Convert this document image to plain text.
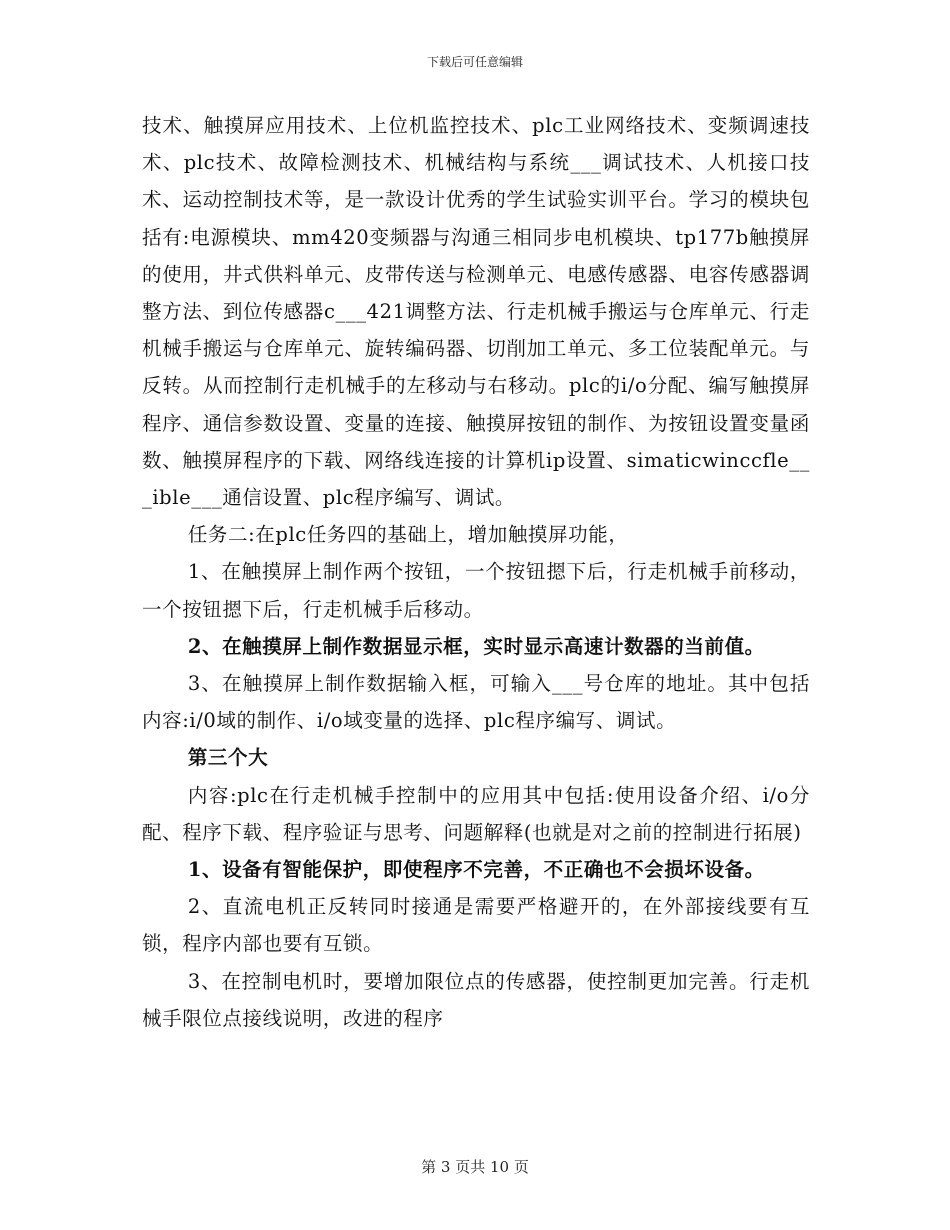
下载后可任意编辑

技术、触摸屏应用技术、上位机监控技术、plc工业网络技术、变频调速技术、plc技术、故障检测技术、机械结构与系统___调试技术、人机接口技术、运动控制技术等，是一款设计优秀的学生试验实训平台。学习的模块包括有:电源模块、mm420变频器与沟通三相同步电机模块、tp177b触摸屏的使用，井式供料单元、皮带传送与检测单元、电感传感器、电容传感器调整方法、到位传感器c___421调整方法、行走机械手搬运与仓库单元、行走机械手搬运与仓库单元、旋转编码器、切削加工单元、多工位装配单元。与反转。从而控制行走机械手的左移动与右移动。plc的i/o分配、编写触摸屏程序、通信参数设置、变量的连接、触摸屏按钮的制作、为按钮设置变量函数、触摸屏程序的下载、网络线连接的计算机ip设置、simaticwinccfle___ible___通信设置、plc程序编写、调试。

任务二:在plc任务四的基础上，增加触摸屏功能，

1、在触摸屏上制作两个按钮，一个按钮摁下后，行走机械手前移动，一个按钮摁下后，行走机械手后移动。

2、在触摸屏上制作数据显示框，实时显示高速计数器的当前值。

3、在触摸屏上制作数据输入框，可输入___号仓库的地址。其中包括内容:i/0域的制作、i/o域变量的选择、plc程序编写、调试。

第三个大

内容:plc在行走机械手控制中的应用其中包括:使用设备介绍、i/o分配、程序下载、程序验证与思考、问题解释(也就是对之前的控制进行拓展)

1、设备有智能保护，即使程序不完善，不正确也不会损坏设备。

2、直流电机正反转同时接通是需要严格避开的，在外部接线要有互锁，程序内部也要有互锁。

3、在控制电机时，要增加限位点的传感器，使控制更加完善。行走机械手限位点接线说明，改进的程序

第 3 页共 10 页
